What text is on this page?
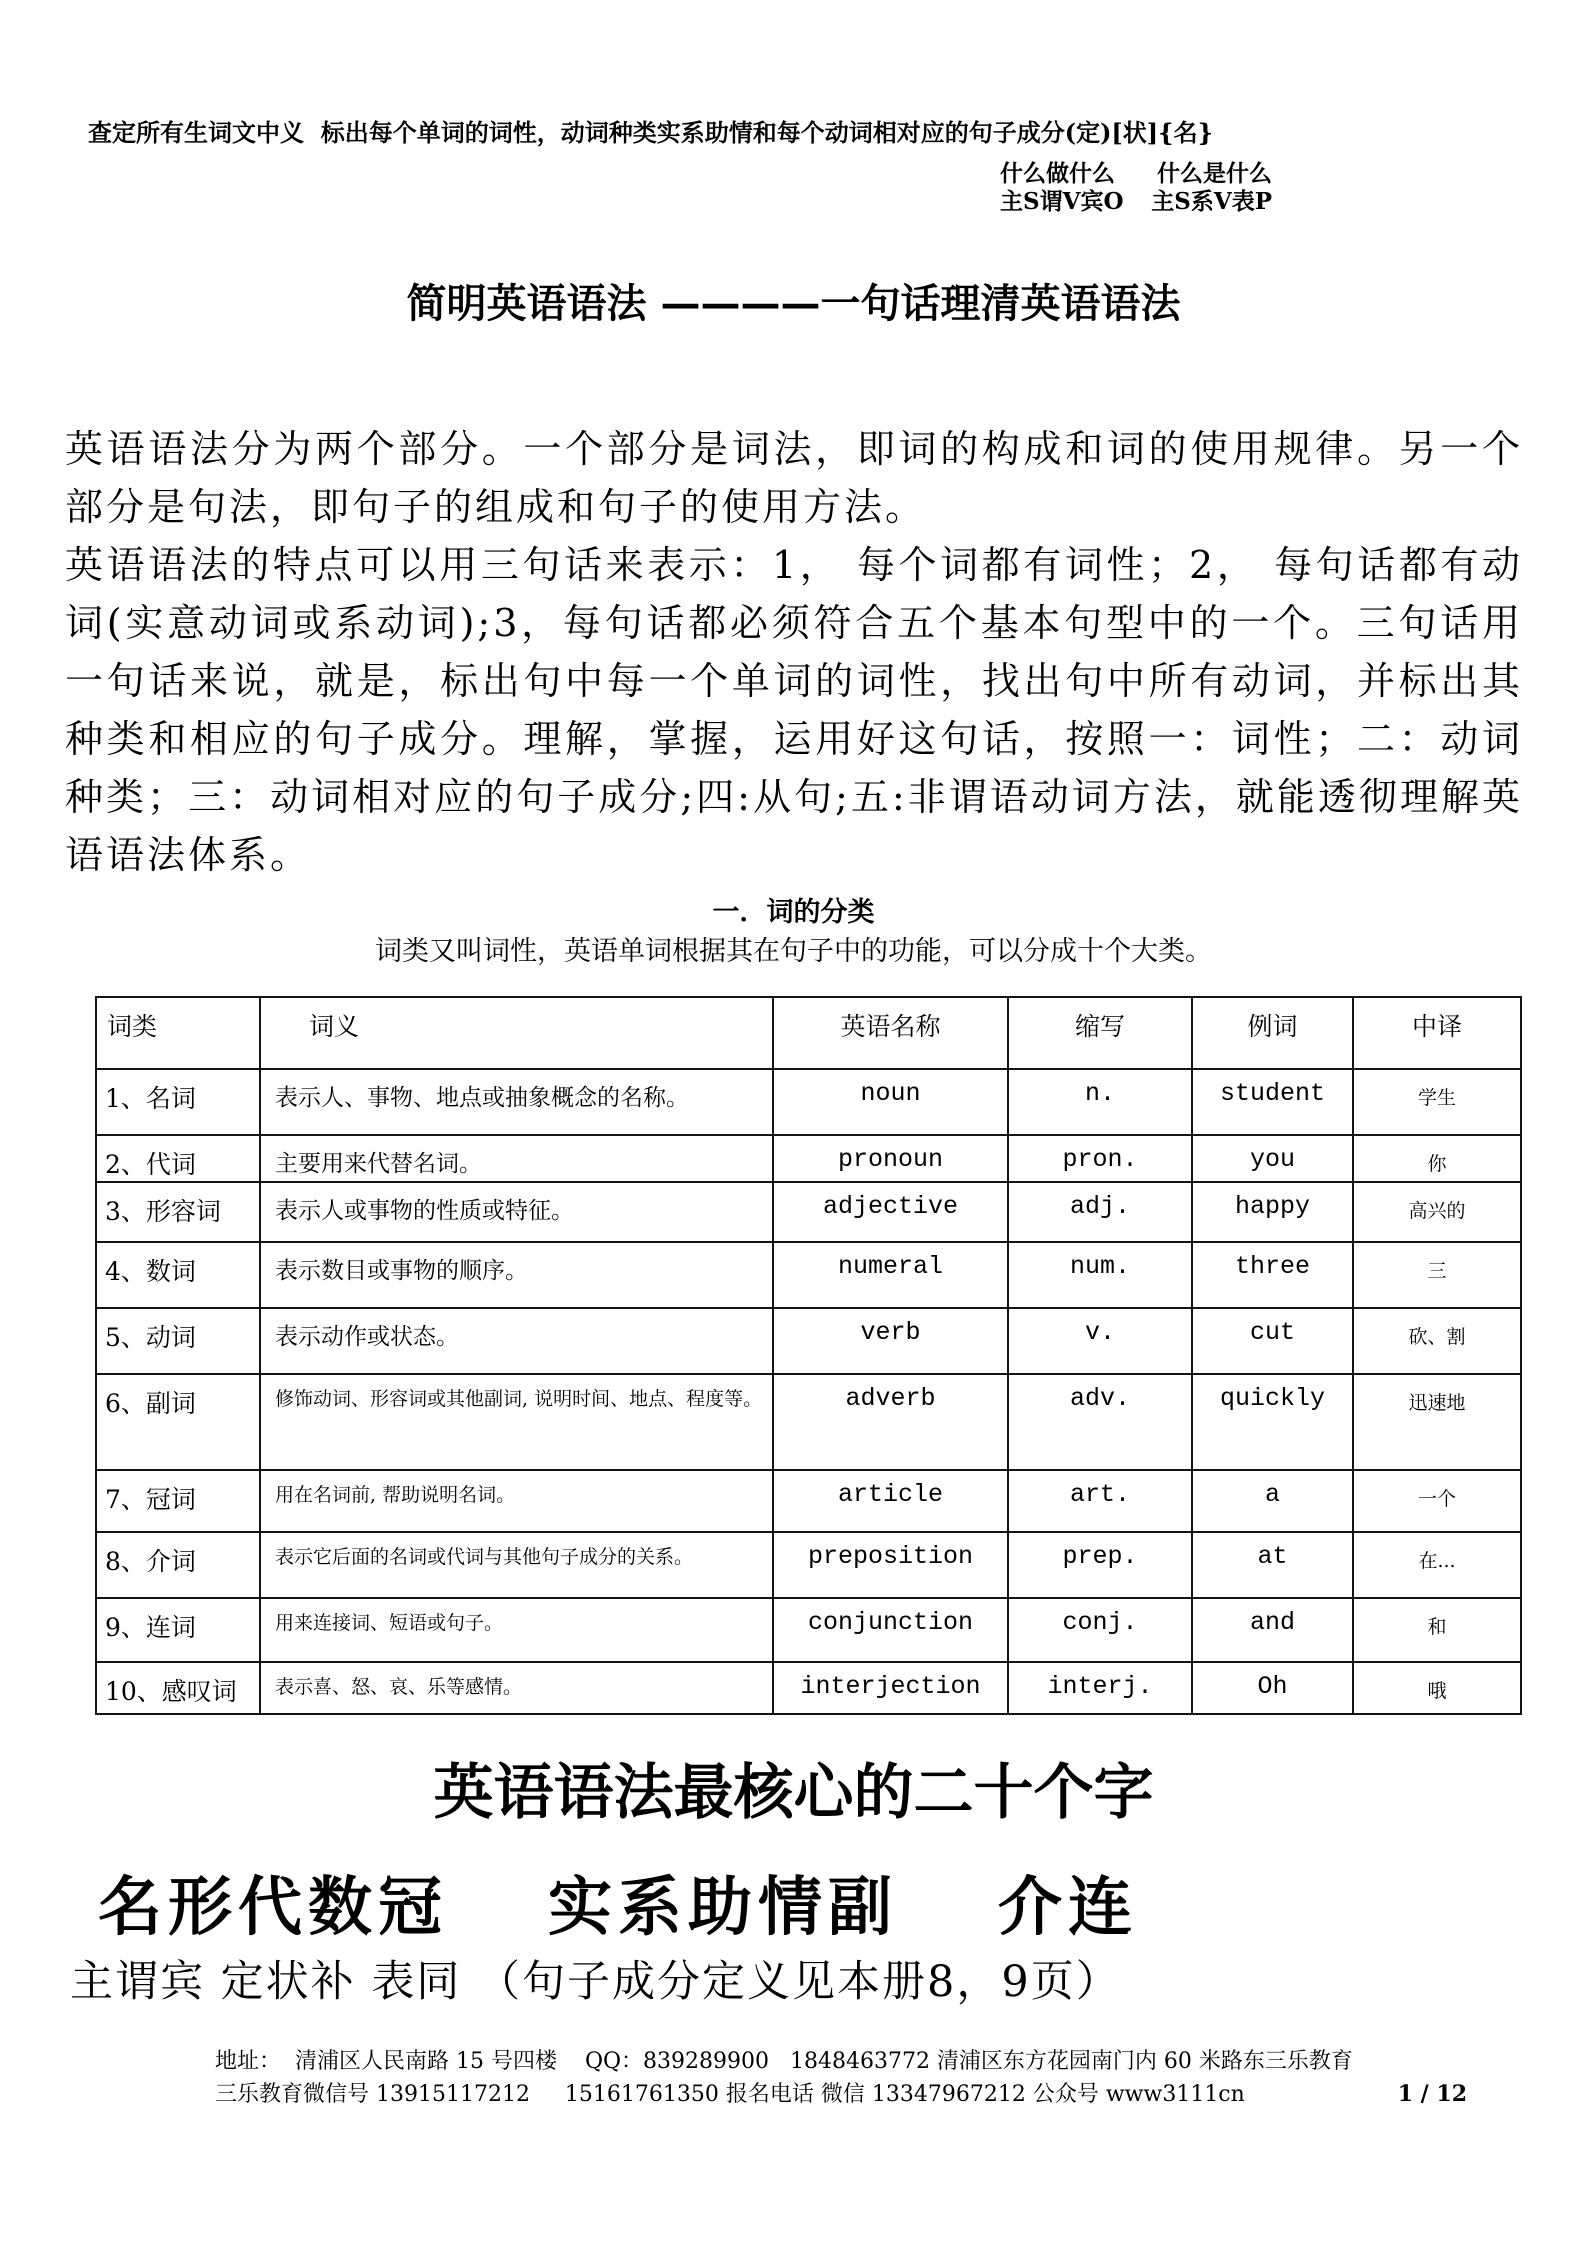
查定所有生词文中义  标出每个单词的词性，动词种类实系助情和每个动词相对应的句子成分(定)[状]{名}
什么做什么 什么是什么
主S谓V宾O 主S系V表P
简明英语语法 ————一句话理清英语语法

英语语法分为两个部分。一个部分是词法，即词的构成和词的使用规律。另一个部分是句法，即句子的组成和句子的使用方法。

英语语法的特点可以用三句话来表示：1， 每个词都有词性；2， 每句话都有动词(实意动词或系动词);3，每句话都必须符合五个基本句型中的一个。三句话用一句话来说，就是，标出句中每一个单词的词性，找出句中所有动词，并标出其种类和相应的句子成分。理解，掌握，运用好这句话，按照一：词性；二：动词种类；三：动词相对应的句子成分;四:从句;五:非谓语动词方法，就能透彻理解英语语法体系。

一．词的分类
词类又叫词性，英语单词根据其在句子中的功能，可以分成十个大类。
词类	词义	英语名称	缩写	例词	中译
1、名词	表示人、事物、地点或抽象概念的名称。	noun	n.	student	学生
2、代词	主要用来代替名词。	pronoun	pron.	you	你
3、形容词	表示人或事物的性质或特征。	adjective	adj.	happy	高兴的
4、数词	表示数目或事物的顺序。	numeral	num.	three	三
5、动词	表示动作或状态。	verb	v.	cut	砍、割
6、副词	修饰动词、形容词或其他副词, 说明时间、地点、程度等。	adverb	adv.	quickly	迅速地
7、冠词	用在名词前, 帮助说明名词。	article	art.	a	一个
8、介词	表示它后面的名词或代词与其他句子成分的关系。	preposition	prep.	at	在...
9、连词	用来连接词、短语或句子。	conjunction	conj.	and	和
10、感叹词	表示喜、怒、哀、乐等感情。	interjection	interj.	Oh	哦
英语语法最核心的二十个字
名形代数冠 实系助情副 介连
主谓宾 定状补 表同 （句子成分定义见本册8，9页）
地址：  清浦区人民南路 15 号四楼    QQ：839289900   1848463772 清浦区东方花园南门内 60 米路东三乐教育
三乐教育微信号 13915117212     15161761350 报名电话 微信 13347967212 公众号 www3111cn	1 / 12
